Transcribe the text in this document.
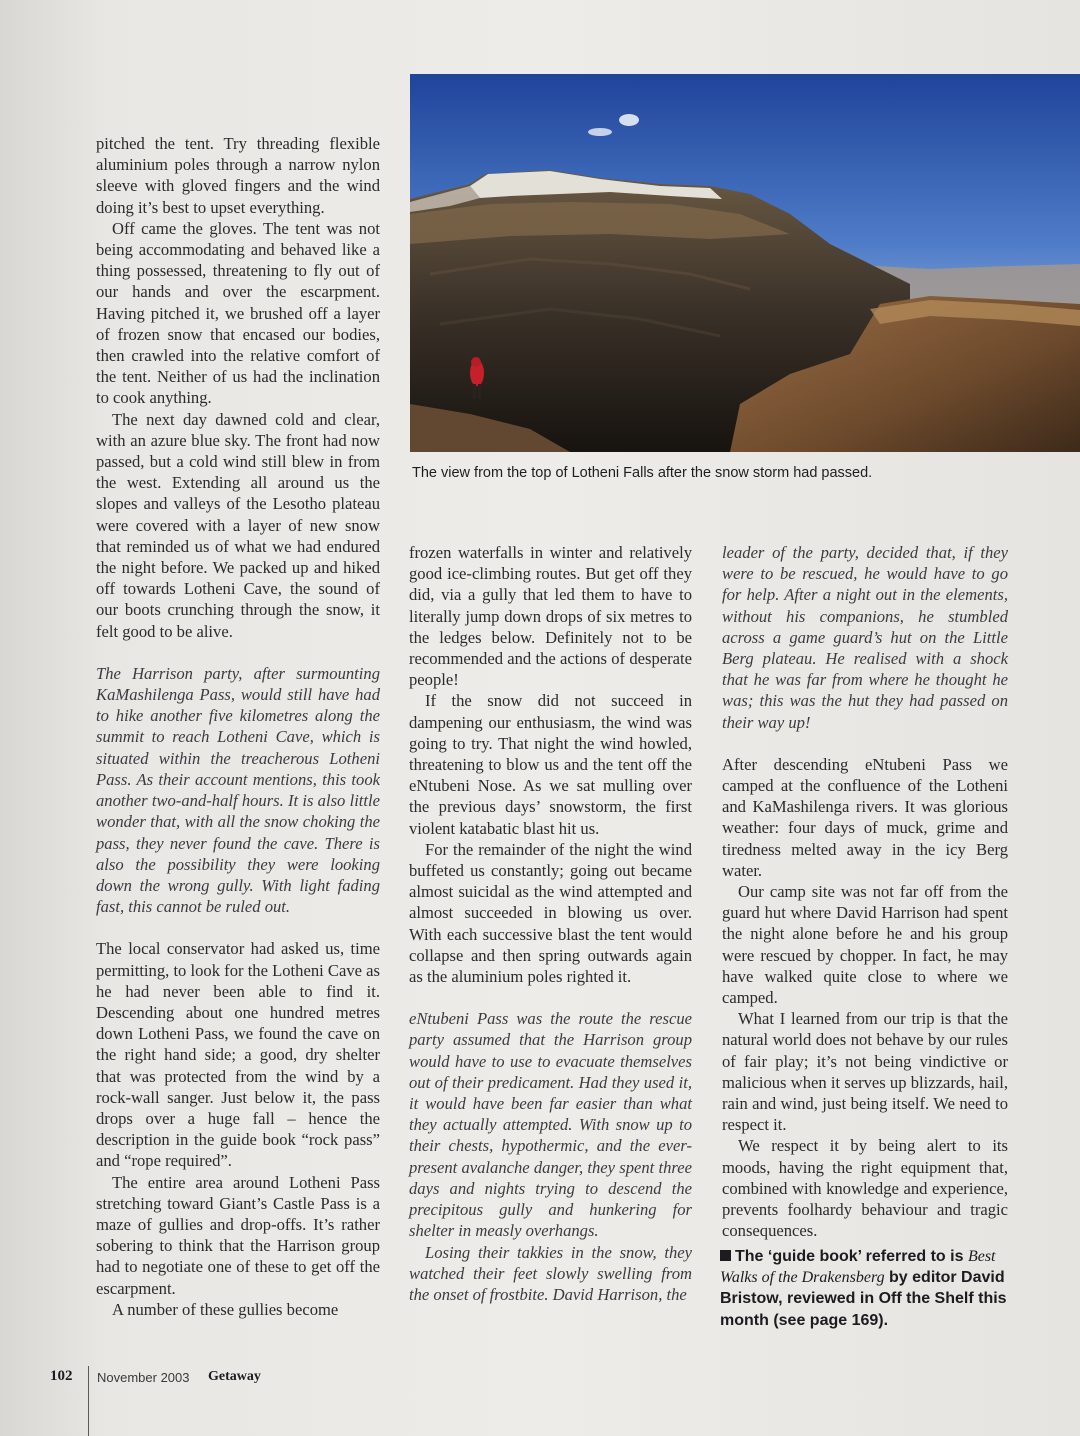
The view from the top of Lotheni Falls after the snow storm had passed.

pitched the tent. Try threading flexible aluminium poles through a narrow nylon sleeve with gloved fingers and the wind doing it’s best to upset everything.

Off came the gloves. The tent was not being accommodating and behaved like a thing possessed, threatening to fly out of our hands and over the escarpment. Having pitched it, we brushed off a layer of frozen snow that encased our bodies, then crawled into the relative comfort of the tent. Neither of us had the inclination to cook anything.

The next day dawned cold and clear, with an azure blue sky. The front had now passed, but a cold wind still blew in from the west. Extending all around us the slopes and valleys of the Lesotho plateau were covered with a layer of new snow that reminded us of what we had endured the night before. We packed up and hiked off towards Lotheni Cave, the sound of our boots crunching through the snow, it felt good to be alive.

The Harrison party, after surmounting KaMashilenga Pass, would still have had to hike another five kilometres along the summit to reach Lotheni Cave, which is situated within the treacherous Lotheni Pass. As their account mentions, this took another two-and-half hours. It is also little wonder that, with all the snow choking the pass, they never found the cave. There is also the possibility they were looking down the wrong gully. With light fading fast, this cannot be ruled out.

The local conservator had asked us, time permitting, to look for the Lotheni Cave as he had never been able to find it. Descending about one hundred metres down Lotheni Pass, we found the cave on the right hand side; a good, dry shelter that was protected from the wind by a rock-wall sanger. Just below it, the pass drops over a huge fall – hence the description in the guide book “rock pass” and “rope required”.

The entire area around Lotheni Pass stretching toward Giant’s Castle Pass is a maze of gullies and drop-offs. It’s rather sobering to think that the Harrison group had to negotiate one of these to get off the escarpment.

A number of these gullies become

frozen waterfalls in winter and relatively good ice-climbing routes. But get off they did, via a gully that led them to have to literally jump down drops of six metres to the ledges below. Definitely not to be recommended and the actions of desperate people!

If the snow did not succeed in dampening our enthusiasm, the wind was going to try. That night the wind howled, threatening to blow us and the tent off the eNtubeni Nose. As we sat mulling over the previous days’ snowstorm, the first violent katabatic blast hit us.

For the remainder of the night the wind buffeted us constantly; going out became almost suicidal as the wind attempted and almost succeeded in blowing us over. With each successive blast the tent would collapse and then spring outwards again as the aluminium poles righted it.

eNtubeni Pass was the route the rescue party assumed that the Harrison group would have to use to evacuate themselves out of their predicament. Had they used it, it would have been far easier than what they actually attempted. With snow up to their chests, hypothermic, and the ever-present avalanche danger, they spent three days and nights trying to descend the precipitous gully and hunkering for shelter in measly overhangs.

Losing their takkies in the snow, they watched their feet slowly swelling from the onset of frostbite. David Harrison, the

leader of the party, decided that, if they were to be rescued, he would have to go for help. After a night out in the elements, without his companions, he stumbled across a game guard’s hut on the Little Berg plateau. He realised with a shock that he was far from where he thought he was; this was the hut they had passed on their way up!

After descending eNtubeni Pass we camped at the confluence of the Lotheni and KaMashilenga rivers. It was glorious weather: four days of muck, grime and tiredness melted away in the icy Berg water.

Our camp site was not far off from the guard hut where David Harrison had spent the night alone before he and his group were rescued by chopper. In fact, he may have walked quite close to where we camped.

What I learned from our trip is that the natural world does not behave by our rules of fair play; it’s not being vindictive or malicious when it serves up blizzards, hail, rain and wind, just being itself. We need to respect it.

We respect it by being alert to its moods, having the right equipment that, combined with knowledge and experience, prevents foolhardy behaviour and tragic consequences.

The ‘guide book’ referred to is Best Walks of the Drakensberg by editor David Bristow, reviewed in Off the Shelf this month (see page 169).
102 November 2003 Getaway
